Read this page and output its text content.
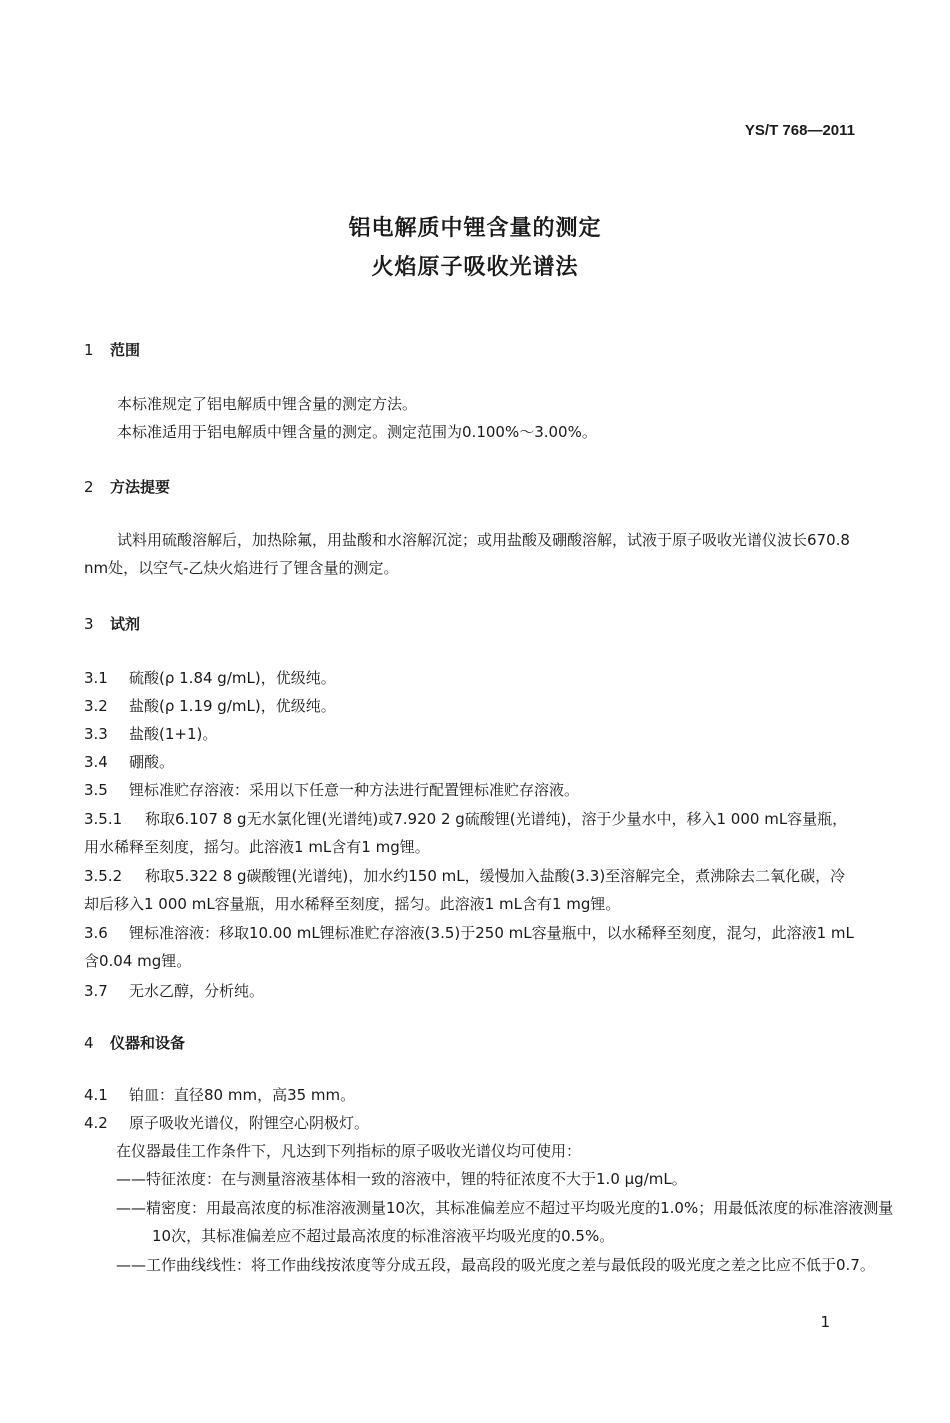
YS/T 768—2011
铝电解质中锂含量的测定
火焰原子吸收光谱法
1 范围
本标准规定了铝电解质中锂含量的测定方法。
本标准适用于铝电解质中锂含量的测定。测定范围为0.100%～3.00%。
2 方法提要
试料用硫酸溶解后，加热除氟，用盐酸和水溶解沉淀；或用盐酸及硼酸溶解，试液于原子吸收光谱仪波长670.8 nm处，以空气-乙炔火焰进行了锂含量的测定。
3 试剂
3.1 硫酸(ρ 1.84 g/mL)，优级纯。
3.2 盐酸(ρ 1.19 g/mL)，优级纯。
3.3 盐酸(1+1)。
3.4 硼酸。
3.5 锂标准贮存溶液：采用以下任意一种方法进行配置锂标准贮存溶液。
3.5.1 称取6.107 8 g无水氯化锂(光谱纯)或7.920 2 g硫酸锂(光谱纯)，溶于少量水中，移入1 000 mL容量瓶，用水稀释至刻度，摇匀。此溶液1 mL含有1 mg锂。
3.5.2 称取5.322 8 g碳酸锂(光谱纯)，加水约150 mL，缓慢加入盐酸(3.3)至溶解完全，煮沸除去二氧化碳，冷却后移入1 000 mL容量瓶，用水稀释至刻度，摇匀。此溶液1 mL含有1 mg锂。
3.6 锂标准溶液：移取10.00 mL锂标准贮存溶液(3.5)于250 mL容量瓶中，以水稀释至刻度，混匀，此溶液1 mL含0.04 mg锂。
3.7 无水乙醇，分析纯。
4 仪器和设备
4.1 铂皿：直径80 mm，高35 mm。
4.2 原子吸收光谱仪，附锂空心阴极灯。
在仪器最佳工作条件下，凡达到下列指标的原子吸收光谱仪均可使用：
——特征浓度：在与测量溶液基体相一致的溶液中，锂的特征浓度不大于1.0 μg/mL。
——精密度：用最高浓度的标准溶液测量10次，其标准偏差应不超过平均吸光度的1.0%；用最低浓度的标准溶液测量10次，其标准偏差应不超过最高浓度的标准溶液平均吸光度的0.5%。
——工作曲线线性：将工作曲线按浓度等分成五段，最高段的吸光度之差与最低段的吸光度之差之比应不低于0.7。
1
